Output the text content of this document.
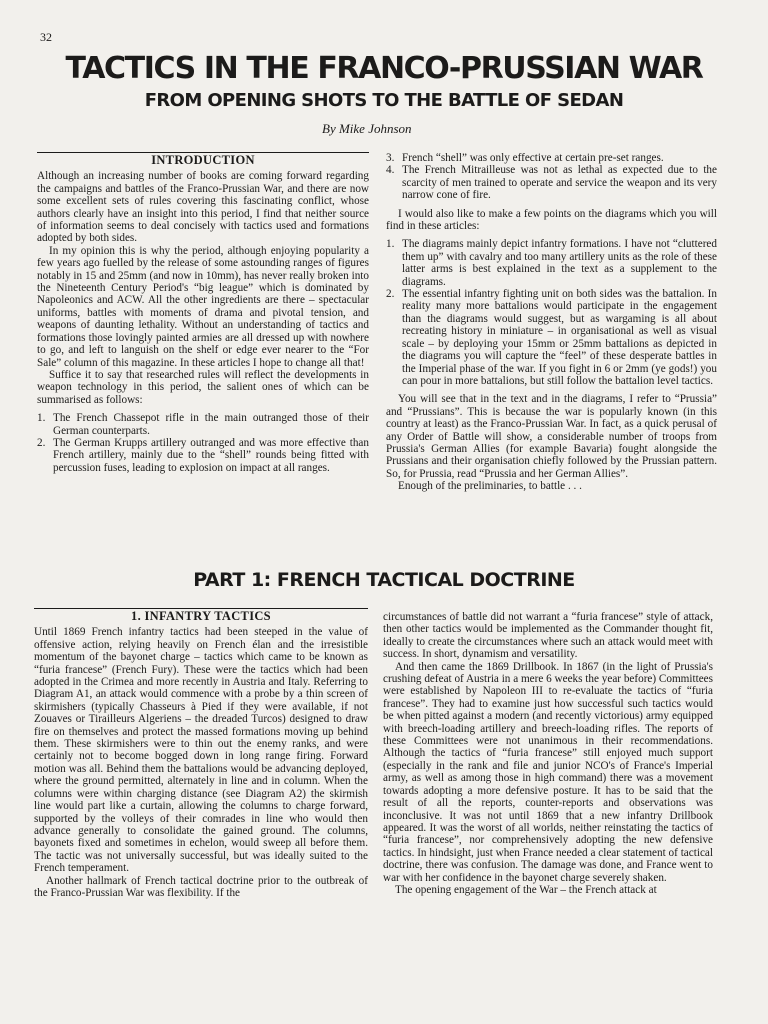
32
TACTICS IN THE FRANCO-PRUSSIAN WAR
FROM OPENING SHOTS TO THE BATTLE OF SEDAN
By Mike Johnson
INTRODUCTION

Although an increasing number of books are coming forward regarding the campaigns and battles of the Franco-Prussian War, and there are now some excellent sets of rules covering this fascinating conflict, whose authors clearly have an insight into this period, I find that neither source of information seems to deal concisely with tactics used and formations adopted by both sides.

In my opinion this is why the period, although enjoying popularity a few years ago fuelled by the release of some astounding ranges of figures notably in 15 and 25mm (and now in 10mm), has never really broken into the Nineteenth Century Period's “big league” which is dominated by Napoleonics and ACW. All the other ingredients are there – spectacular uniforms, battles with moments of drama and pivotal tension, and weapons of daunting lethality. Without an understanding of tactics and formations those lovingly painted armies are all dressed up with nowhere to go, and left to languish on the shelf or edge ever nearer to the “For Sale” column of this magazine. In these articles I hope to change all that!

Suffice it to say that researched rules will reflect the developments in weapon technology in this period, the salient ones of which can be summarised as follows:

1. The French Chassepot rifle in the main outranged those of their German counterparts.
2. The German Krupps artillery outranged and was more effective than French artillery, mainly due to the “shell” rounds being fitted with percussion fuses, leading to explosion on impact at all ranges.
3. French “shell” was only effective at certain pre-set ranges.
4. The French Mitrailleuse was not as lethal as expected due to the scarcity of men trained to operate and service the weapon and its very narrow cone of fire.

I would also like to make a few points on the diagrams which you will find in these articles:

1. The diagrams mainly depict infantry formations. I have not “cluttered them up” with cavalry and too many artillery units as the role of these latter arms is best explained in the text as a supplement to the diagrams.
2. The essential infantry fighting unit on both sides was the battalion. In reality many more battalions would participate in the engagement than the diagrams would suggest, but as wargaming is all about recreating history in miniature – in organisational as well as visual scale – by deploying your 15mm or 25mm battalions as depicted in the diagrams you will capture the “feel” of these desperate battles in the Imperial phase of the war. If you fight in 6 or 2mm (ye gods!) you can pour in more battalions, but still follow the battalion level tactics.

You will see that in the text and in the diagrams, I refer to “Prussia” and “Prussians”. This is because the war is popularly known (in this country at least) as the Franco-Prussian War. In fact, as a quick perusal of any Order of Battle will show, a considerable number of troops from Prussia's German Allies (for example Bavaria) fought alongside the Prussians and their organisation chiefly followed by the Prussian pattern. So, for Prussia, read “Prussia and her German Allies”.

Enough of the preliminaries, to battle . . .

PART 1: FRENCH TACTICAL DOCTRINE
1. INFANTRY TACTICS

Until 1869 French infantry tactics had been steeped in the value of offensive action, relying heavily on French élan and the irresistible momentum of the bayonet charge – tactics which came to be known as “furia francese” (French Fury). These were the tactics which had been adopted in the Crimea and more recently in Austria and Italy. Referring to Diagram A1, an attack would commence with a probe by a thin screen of skirmishers (typically Chasseurs à Pied if they were available, if not Zouaves or Tirailleurs Algeriens – the dreaded Turcos) designed to draw fire on themselves and protect the massed formations moving up behind them. These skirmishers were to thin out the enemy ranks, and were certainly not to become bogged down in long range firing. Forward motion was all. Behind them the battalions would be advancing deployed, where the ground permitted, alternately in line and in column. When the columns were within charging distance (see Diagram A2) the skirmish line would part like a curtain, allowing the columns to charge forward, supported by the volleys of their comrades in line who would then advance generally to consolidate the gained ground. The columns, bayonets fixed and sometimes in echelon, would sweep all before them. The tactic was not universally successful, but was ideally suited to the French temperament.

Another hallmark of French tactical doctrine prior to the outbreak of the Franco-Prussian War was flexibility. If the

circumstances of battle did not warrant a “furia francese” style of attack, then other tactics would be implemented as the Commander thought fit, ideally to create the circumstances where such an attack would meet with success. In short, dynamism and versatility.

And then came the 1869 Drillbook. In 1867 (in the light of Prussia's crushing defeat of Austria in a mere 6 weeks the year before) Committees were established by Napoleon III to re-evaluate the tactics of “furia francese”. They had to examine just how successful such tactics would be when pitted against a modern (and recently victorious) army equipped with breech-loading artillery and breech-loading rifles. The reports of these Committees were not unanimous in their recommendations. Although the tactics of “furia francese” still enjoyed much support (especially in the rank and file and junior NCO's of France's Imperial army, as well as among those in high command) there was a movement towards adopting a more defensive posture. It has to be said that the result of all the reports, counter-reports and observations was inconclusive. It was not until 1869 that a new infantry Drillbook appeared. It was the worst of all worlds, neither reinstating the tactics of “furia francese”, nor comprehensively adopting the new defensive tactics. In hindsight, just when France needed a clear statement of tactical doctrine, there was confusion. The damage was done, and France went to war with her confidence in the bayonet charge severely shaken.

The opening engagement of the War – the French attack at
